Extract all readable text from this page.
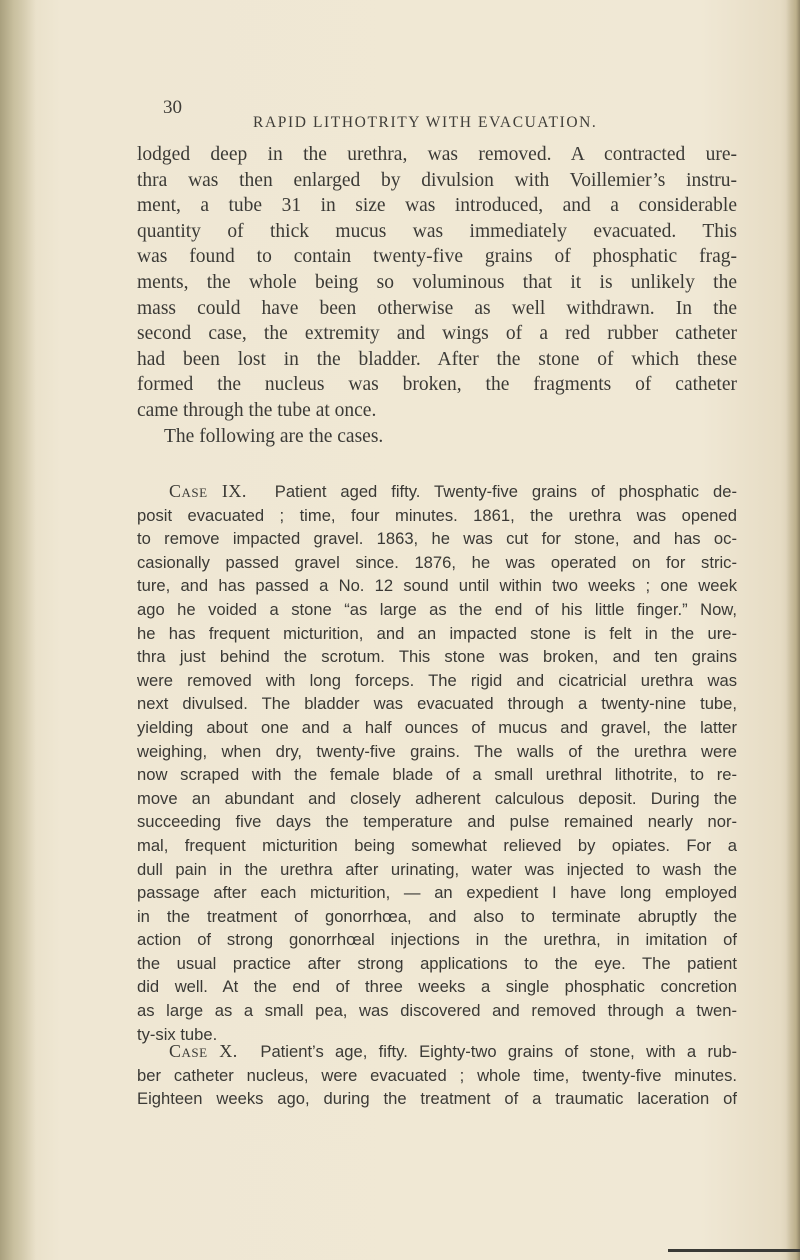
30
RAPID LITHOTRITY WITH EVACUATION.
lodged deep in the urethra, was removed. A contracted ure-
thra was then enlarged by divulsion with Voillemier’s instru-
ment, a tube 31 in size was introduced, and a considerable
quantity of thick mucus was immediately evacuated. This
was found to contain twenty-five grains of phosphatic frag-
ments, the whole being so voluminous that it is unlikely the
mass could have been otherwise as well withdrawn. In the
second case, the extremity and wings of a red rubber catheter
had been lost in the bladder. After the stone of which these
formed the nucleus was broken, the fragments of catheter
came through the tube at once.
The following are the cases.
Case IX. Patient aged fifty. Twenty-five grains of phosphatic de-
posit evacuated ; time, four minutes. 1861, the urethra was opened
to remove impacted gravel. 1863, he was cut for stone, and has oc-
casionally passed gravel since. 1876, he was operated on for stric-
ture, and has passed a No. 12 sound until within two weeks ; one week
ago he voided a stone “as large as the end of his little finger.” Now,
he has frequent micturition, and an impacted stone is felt in the ure-
thra just behind the scrotum. This stone was broken, and ten grains
were removed with long forceps. The rigid and cicatricial urethra was
next divulsed. The bladder was evacuated through a twenty-nine tube,
yielding about one and a half ounces of mucus and gravel, the latter
weighing, when dry, twenty-five grains. The walls of the urethra were
now scraped with the female blade of a small urethral lithotrite, to re-
move an abundant and closely adherent calculous deposit. During the
succeeding five days the temperature and pulse remained nearly nor-
mal, frequent micturition being somewhat relieved by opiates. For a
dull pain in the urethra after urinating, water was injected to wash the
passage after each micturition, — an expedient I have long employed
in the treatment of gonorrhœa, and also to terminate abruptly the
action of strong gonorrhœal injections in the urethra, in imitation of
the usual practice after strong applications to the eye. The patient
did well. At the end of three weeks a single phosphatic concretion
as large as a small pea, was discovered and removed through a twen-
ty-six tube.
Case X. Patient’s age, fifty. Eighty-two grains of stone, with a rub-
ber catheter nucleus, were evacuated ; whole time, twenty-five minutes.
Eighteen weeks ago, during the treatment of a traumatic laceration of
